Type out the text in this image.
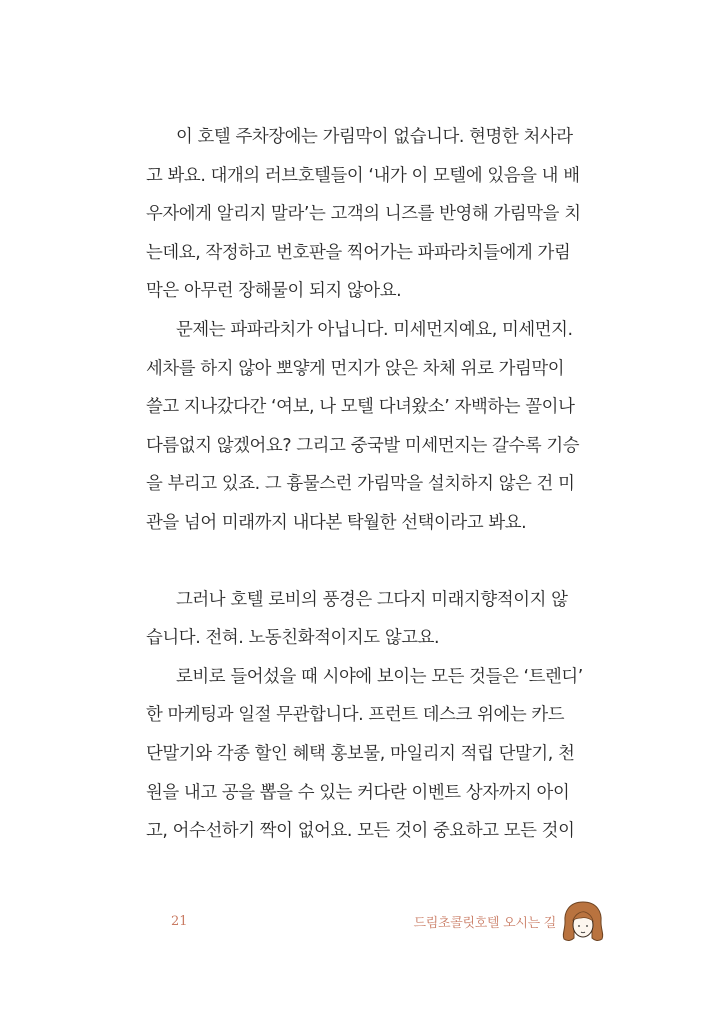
이 호텔 주차장에는 가림막이 없습니다. 현명한 처사라
고 봐요. 대개의 러브호텔들이 ‘내가 이 모텔에 있음을 내 배
우자에게 알리지 말라’는 고객의 니즈를 반영해 가림막을 치
는데요, 작정하고 번호판을 찍어가는 파파라치들에게 가림
막은 아무런 장해물이 되지 않아요.
문제는 파파라치가 아닙니다. 미세먼지예요, 미세먼지.
세차를 하지 않아 뽀얗게 먼지가 앉은 차체 위로 가림막이
쓸고 지나갔다간 ‘여보, 나 모텔 다녀왔소’ 자백하는 꼴이나
다름없지 않겠어요? 그리고 중국발 미세먼지는 갈수록 기승
을 부리고 있죠. 그 흉물스런 가림막을 설치하지 않은 건 미
관을 넘어 미래까지 내다본 탁월한 선택이라고 봐요.
그러나 호텔 로비의 풍경은 그다지 미래지향적이지 않
습니다. 전혀. 노동친화적이지도 않고요.
로비로 들어섰을 때 시야에 보이는 모든 것들은 ‘트렌디’
한 마케팅과 일절 무관합니다. 프런트 데스크 위에는 카드
단말기와 각종 할인 혜택 홍보물, 마일리지 적립 단말기, 천
원을 내고 공을 뽑을 수 있는 커다란 이벤트 상자까지 아이
고, 어수선하기 짝이 없어요. 모든 것이 중요하고 모든 것이
21	드림초콜릿호텔 오시는 길
